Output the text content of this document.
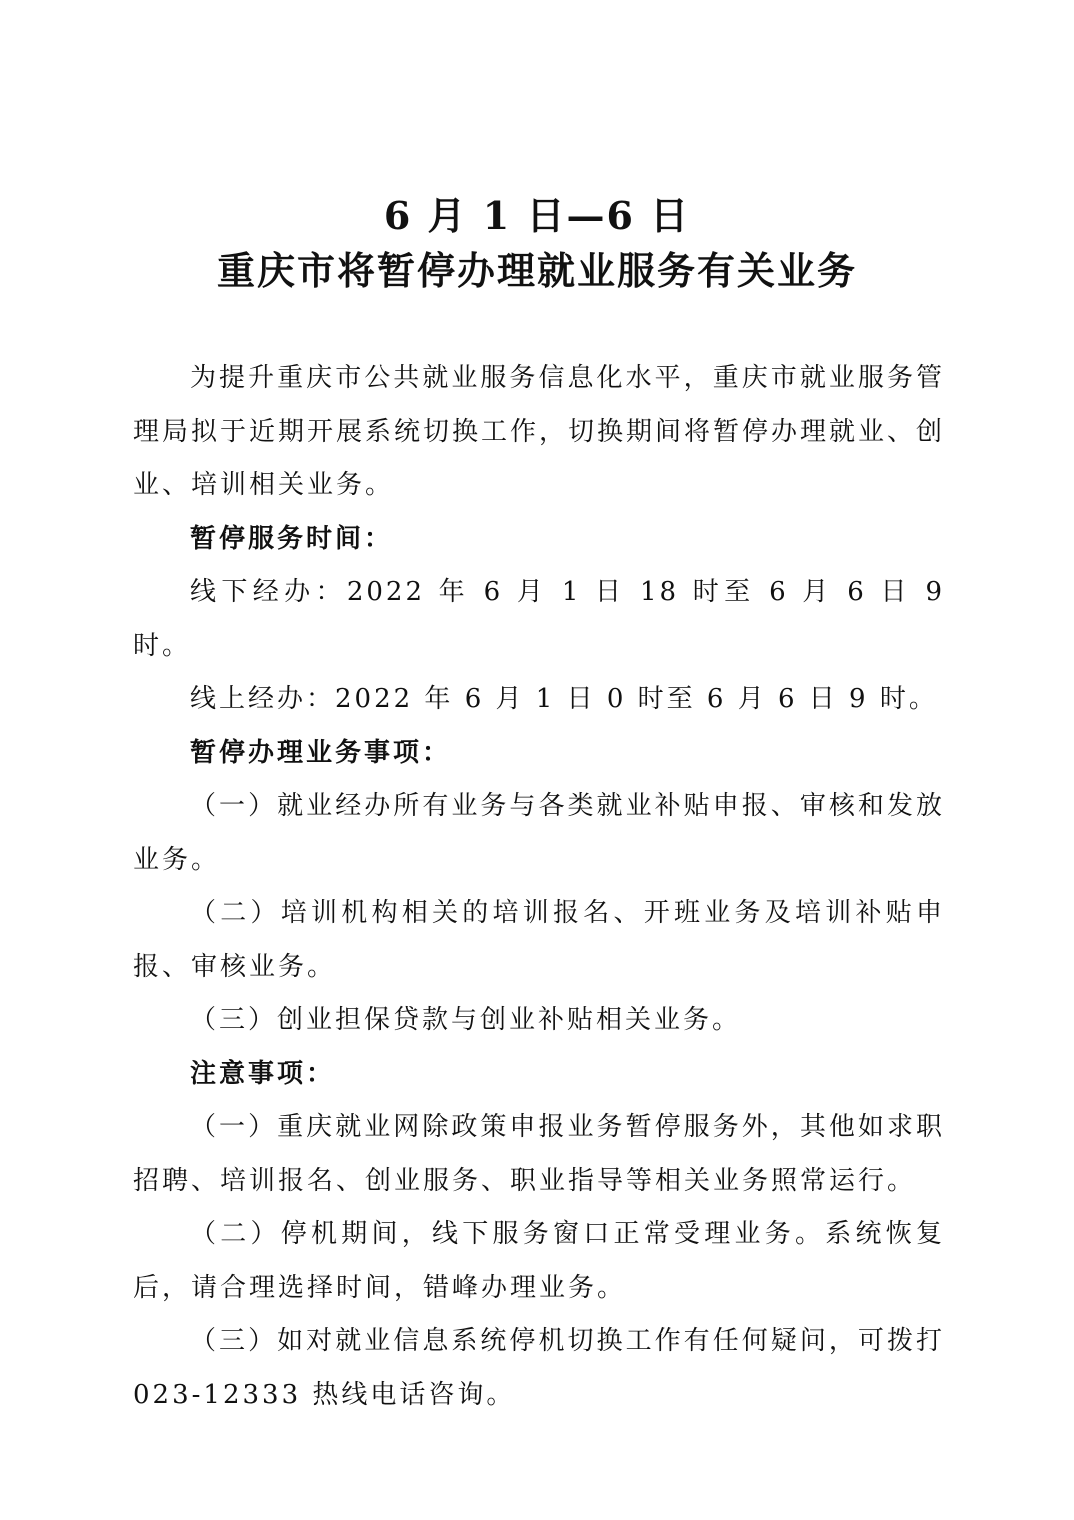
6 月 1 日—6 日
重庆市将暂停办理就业服务有关业务

为提升重庆市公共就业服务信息化水平，重庆市就业服务管理局拟于近期开展系统切换工作，切换期间将暂停办理就业、创业、培训相关业务。

暂停服务时间：

线下经办：2022 年 6 月 1 日 18 时至 6 月 6 日 9 时。

线上经办：2022 年 6 月 1 日 0 时至 6 月 6 日 9 时。

暂停办理业务事项：

（一）就业经办所有业务与各类就业补贴申报、审核和发放业务。

（二）培训机构相关的培训报名、开班业务及培训补贴申报、审核业务。

（三）创业担保贷款与创业补贴相关业务。

注意事项：

（一）重庆就业网除政策申报业务暂停服务外，其他如求职招聘、培训报名、创业服务、职业指导等相关业务照常运行。

（二）停机期间，线下服务窗口正常受理业务。系统恢复后，请合理选择时间，错峰办理业务。

（三）如对就业信息系统停机切换工作有任何疑问，可拨打023-12333 热线电话咨询。
